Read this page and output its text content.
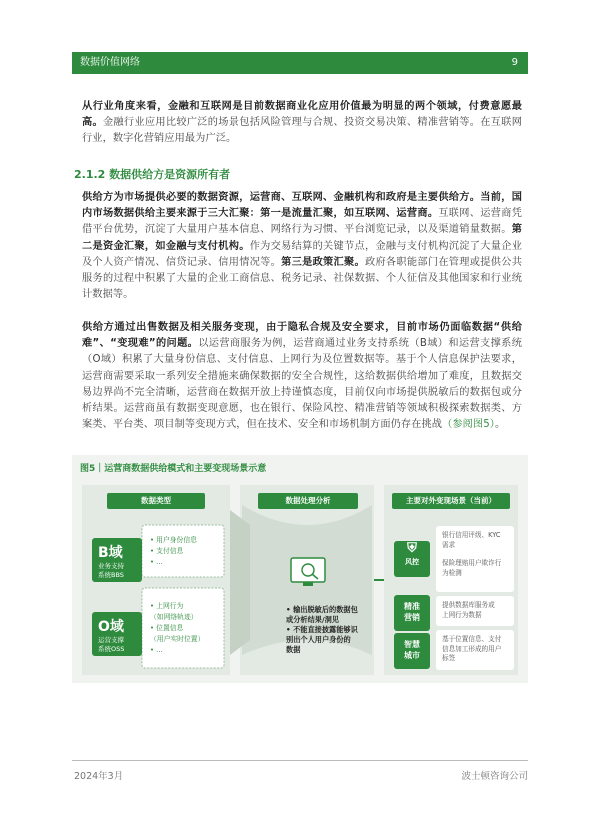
数据价值网络	9
从行业角度来看，金融和互联网是目前数据商业化应用价值最为明显的两个领域，付费意愿最高。金融行业应用比较广泛的场景包括风险管理与合规、投资交易决策、精准营销等。在互联网行业，数字化营销应用最为广泛。
2.1.2 数据供给方是资源所有者
供给方为市场提供必要的数据资源，运营商、互联网、金融机构和政府是主要供给方。当前，国内市场数据供给主要来源于三大汇聚：第一是流量汇聚，如互联网、运营商。互联网、运营商凭借平台优势，沉淀了大量用户基本信息、网络行为习惯、平台浏览记录，以及渠道销量数据。第二是资金汇聚，如金融与支付机构。作为交易结算的关键节点，金融与支付机构沉淀了大量企业及个人资产情况、信贷记录、信用情况等。第三是政策汇聚。政府各职能部门在管理或提供公共服务的过程中积累了大量的企业工商信息、税务记录、社保数据、个人征信及其他国家和行业统计数据等。
供给方通过出售数据及相关服务变现，由于隐私合规及安全要求，目前市场仍面临数据“供给难”、“变现难”的问题。以运营商服务为例，运营商通过业务支持系统（B域）和运营支撑系统（O域）积累了大量身份信息、支付信息、上网行为及位置数据等。基于个人信息保护法要求，运营商需要采取一系列安全措施来确保数据的安全合规性，这给数据供给增加了难度，且数据交易边界尚不完全清晰，运营商在数据开放上持谨慎态度，目前仅向市场提供脱敏后的数据包或分析结果。运营商虽有数据变现意愿，也在银行、保险风控、精准营销等领域积极探索数据类、方案类、平台类、项目制等变现方式，但在技术、安全和市场机制方面仍存在挑战（参阅图5）。
图5｜运营商数据供给模式和主要变现场景示意
数据类型	数据处理分析	主要对外变现场景（当前）
B域
业务支持
系统BBS
• 用户身份信息
• 支付信息
• ...
O域
运营支撑
系统OSS
• 上网行为
（如网络轨迹）
• 位置信息
（用户实时位置）
• ...
• 输出脱敏后的数据包
或分析结果/洞见
• 不能直接披露能够识
别出个人用户身份的
数据
⛨
风控
银行信用评级、KYC
需求
保险理赔用户欺诈行
为检测
精准营销
提供数据库服务或
上网行为数据
智慧城市
基于位置信息、支付
信息加工形成的用户
标签
2024年3月	波士顿咨询公司
